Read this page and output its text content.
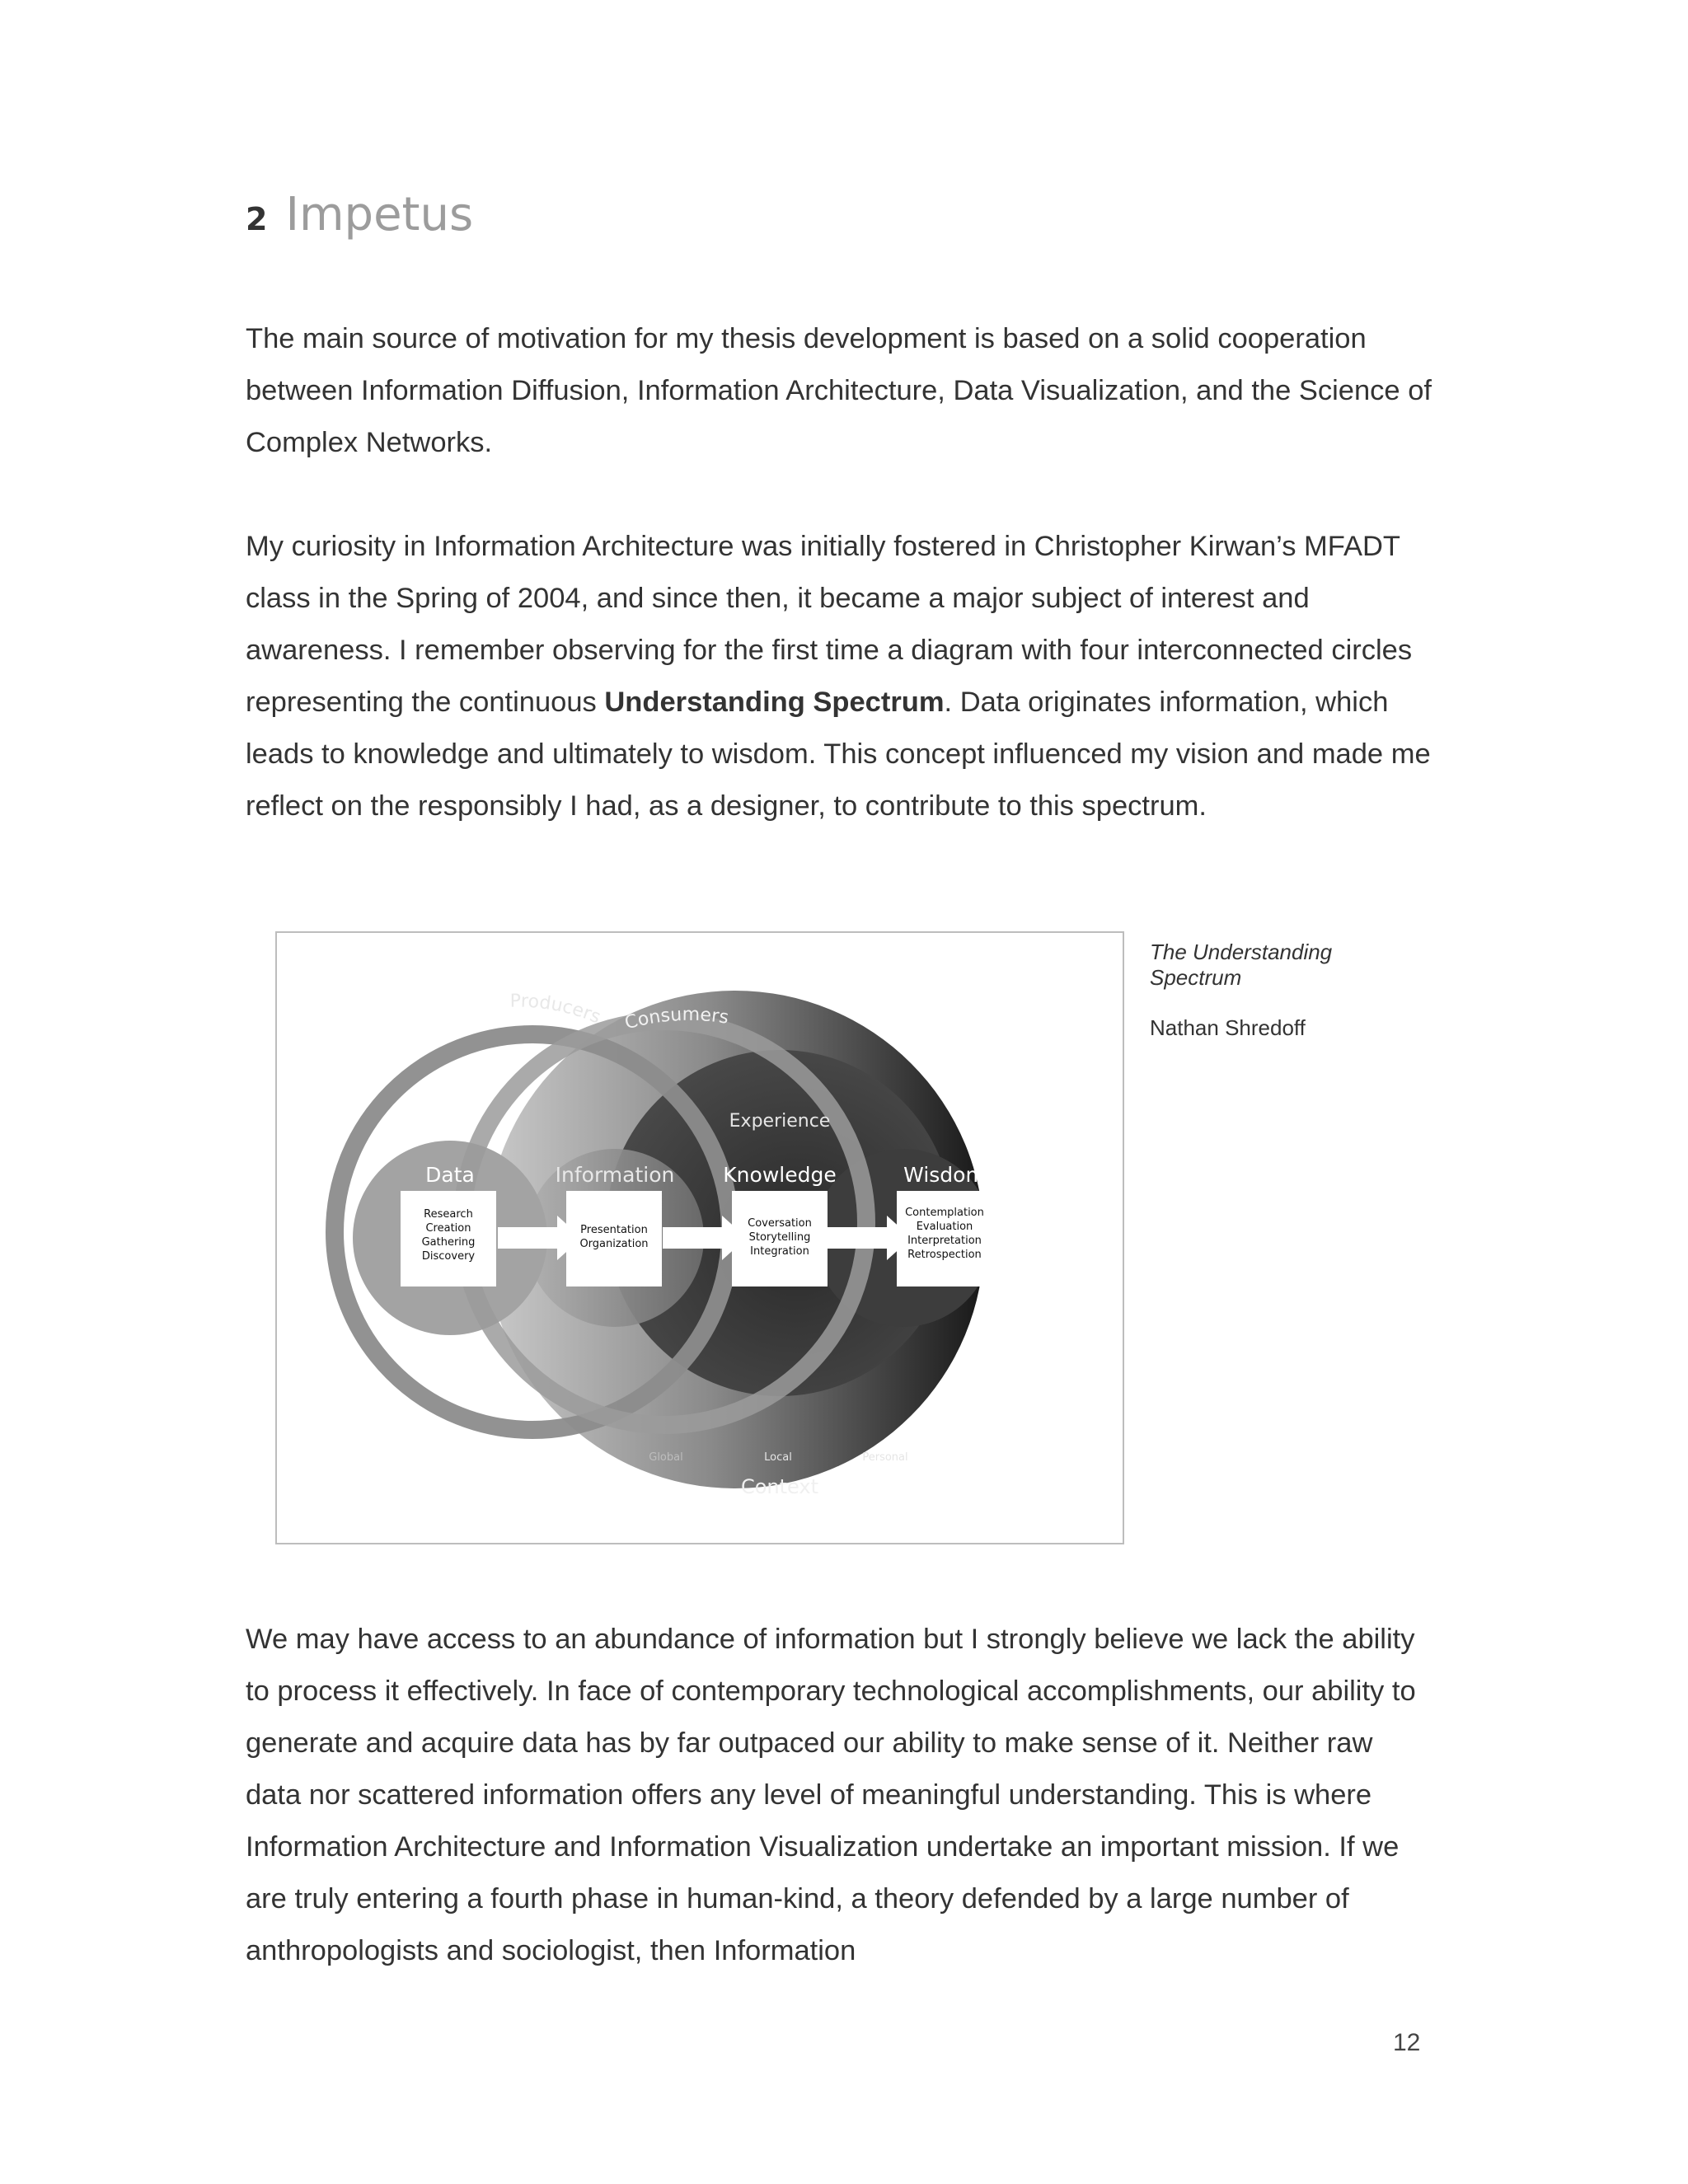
2 Impetus

The main source of motivation for my thesis development is based on a solid cooperation between Information Diffusion, Information Architecture, Data Visualization, and the Science of Complex Networks.

My curiosity in Information Architecture was initially fostered in Christopher Kirwan’s MFADT class in the Spring of 2004, and since then, it became a major subject of interest and awareness. I remember observing for the first time a diagram with four interconnected circles representing the continuous Understanding Spectrum. Data originates information, which leads to knowledge and ultimately to wisdom. This concept influenced my vision and made me reflect on the responsibly I had, as a designer, to contribute to this spectrum.

Producers Consumers
Experience
Context
Global	Local	Personal
Data	Information Knowledge	Wisdom
Research
Creation
Gathering
Discovery
Presentation
Organization
Coversation
Storytelling
Integration
Contemplation
Evaluation
Interpretation
Retrospection

The Understanding Spectrum

Nathan Shredoff

We may have access to an abundance of information but I strongly believe we lack the ability to process it effectively. In face of contemporary technological accomplishments, our ability to generate and acquire data has by far outpaced our ability to make sense of it. Neither raw data nor scattered information offers any level of meaningful understanding. This is where Information Architecture and Information Visualization undertake an important mission. If we are truly entering a fourth phase in human-kind, a theory defended by a large number of anthropologists and sociologist, then Information

12
